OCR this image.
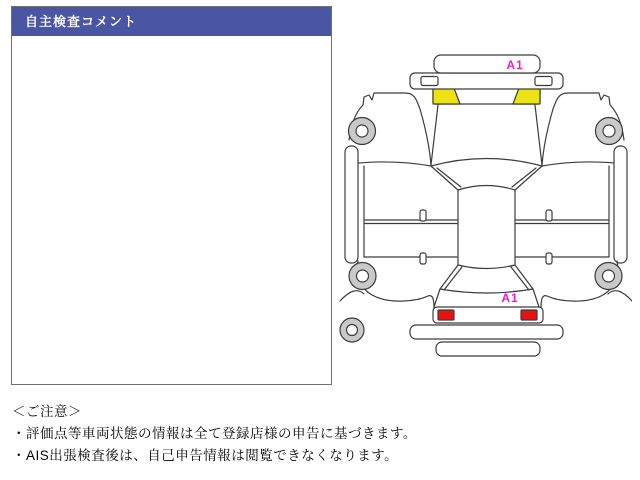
自主検査コメント
A1
A1
＜ご注意＞
・評価点等車両状態の情報は全て登録店様の申告に基づきます。
・AIS出張検査後は、自己申告情報は閲覧できなくなります。
